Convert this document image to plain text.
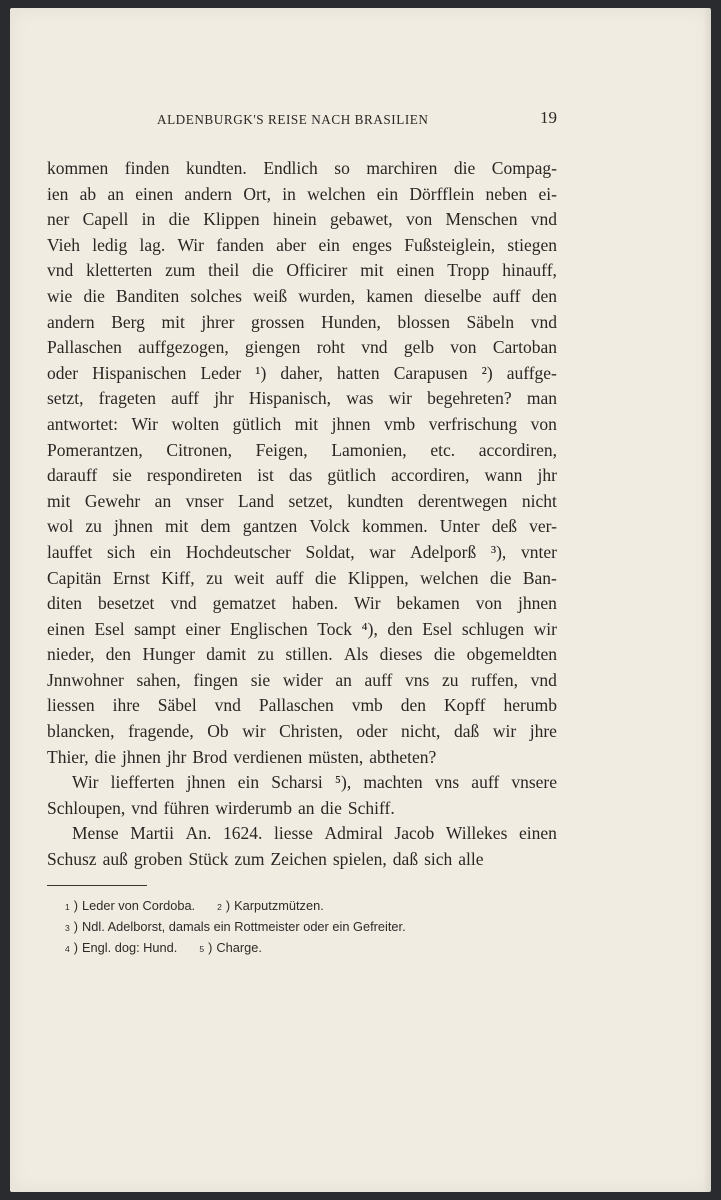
ALDENBURGK'S REISE NACH BRASILIEN	19
kommen finden kundten. Endlich so marchiren die Compag-
ien ab an einen andern Ort, in welchen ein Dörfflein neben ei-
ner Capell in die Klippen hinein gebawet, von Menschen vnd
Vieh ledig lag. Wir fanden aber ein enges Fußsteiglein, stiegen
vnd kletterten zum theil die Officirer mit einen Tropp hinauff,
wie die Banditen solches weiß wurden, kamen dieselbe auff den
andern Berg mit jhrer grossen Hunden, blossen Säbeln vnd
Pallaschen auffgezogen, giengen roht vnd gelb von Cartoban
oder Hispanischen Leder ¹) daher, hatten Carapusen ²) auffge-
setzt, frageten auff jhr Hispanisch, was wir begehreten? man
antwortet: Wir wolten gütlich mit jhnen vmb verfrischung von
Pomerantzen, Citronen, Feigen, Lamonien, etc. accordiren,
darauff sie respondireten ist das gütlich accordiren, wann jhr
mit Gewehr an vnser Land setzet, kundten derentwegen nicht
wol zu jhnen mit dem gantzen Volck kommen. Unter deß ver-
lauffet sich ein Hochdeutscher Soldat, war Adelporß ³), vnter
Capitän Ernst Kiff, zu weit auff die Klippen, welchen die Ban-
diten besetzet vnd gematzet haben. Wir bekamen von jhnen
einen Esel sampt einer Englischen Tock ⁴), den Esel schlugen wir
nieder, den Hunger damit zu stillen. Als dieses die obgemeldten
Jnnwohner sahen, fingen sie wider an auff vns zu ruffen, vnd
liessen ihre Säbel vnd Pallaschen vmb den Kopff herumb
blancken, fragende, Ob wir Christen, oder nicht, daß wir jhre
Thier, die jhnen jhr Brod verdienen müsten, abtheten?
Wir liefferten jhnen ein Scharsi ⁵), machten vns auff vnsere
Schloupen, vnd führen wirderumb an die Schiff.
Mense Martii An. 1624. liesse Admiral Jacob Willekes einen
Schusz auß groben Stück zum Zeichen spielen, daß sich alle
1 ) Leder von Cordoba.	2 ) Karputzmützen.
3 ) Ndl. Adelborst, damals ein Rottmeister oder ein Gefreiter.
4 ) Engl. dog: Hund.	5 ) Charge.
